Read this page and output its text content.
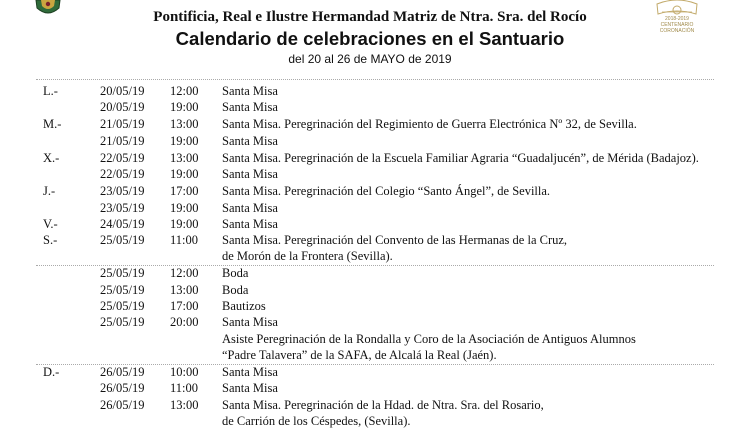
2018-2019
CENTENARIO
CORONACIÓN
Pontificia, Real e Ilustre Hermandad Matriz de Ntra. Sra. del Rocío
Calendario de celebraciones en el Santuario
del 20 al 26 de MAYO de 2019
L.-	20/05/19 12:00 Santa Misa
20/05/19 19:00 Santa Misa
M.-	21/05/19 13:00 Santa Misa. Peregrinación del Regimiento de Guerra Electrónica Nº 32, de Sevilla.
21/05/19 19:00 Santa Misa
X.-	22/05/19 13:00 Santa Misa. Peregrinación de la Escuela Familiar Agraria “Guadaljucén”, de Mérida (Badajoz).
22/05/19 19:00 Santa Misa
J.-	23/05/19 17:00 Santa Misa. Peregrinación del Colegio “Santo Ángel”, de Sevilla.
23/05/19 19:00 Santa Misa
V.-	24/05/19 19:00 Santa Misa
S.-	25/05/19 11:00 Santa Misa. Peregrinación del Convento de las Hermanas de la Cruz,
de Morón de la Frontera (Sevilla).
25/05/19 12:00 Boda
25/05/19 13:00 Boda
25/05/19 17:00 Bautizos
25/05/19 20:00 Santa Misa
Asiste Peregrinación de la Rondalla y Coro de la Asociación de Antiguos Alumnos
“Padre Talavera” de la SAFA, de Alcalá la Real (Jaén).
D.-	26/05/19 10:00 Santa Misa
26/05/19 11:00 Santa Misa
26/05/19 13:00 Santa Misa. Peregrinación de la Hdad. de Ntra. Sra. del Rosario,
de Carrión de los Céspedes, (Sevilla).
